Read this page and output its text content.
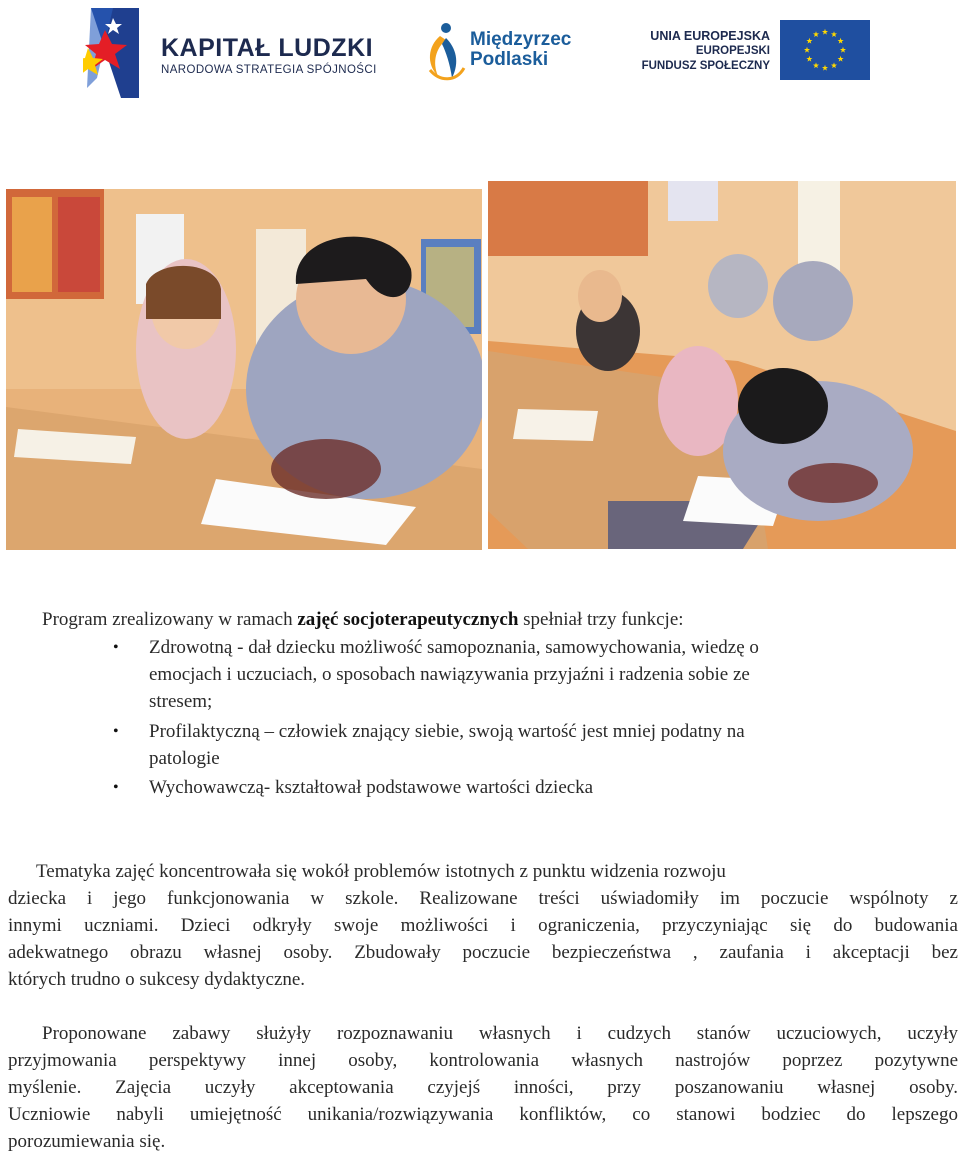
KAPITAŁ LUDZKI
NARODOWA STRATEGIA SPÓJNOŚCI
Międzyrzec
Podlaski
UNIA EUROPEJSKA
EUROPEJSKI
FUNDUSZ SPOŁECZNY
Program zrealizowany w ramach zajęć socjoterapeutycznych spełniał trzy funkcje:
• Zdrowotną - dał dziecku możliwość samopoznania, samowychowania, wiedzę o
emocjach i uczuciach, o sposobach nawiązywania przyjaźni i radzenia sobie ze
stresem;
• Profilaktyczną – człowiek znający siebie, swoją wartość jest mniej podatny na
patologie
• Wychowawczą- kształtował podstawowe wartości dziecka
Tematyka zajęć koncentrowała się wokół problemów istotnych z punktu widzenia rozwoju
dziecka i jego funkcjonowania w szkole. Realizowane treści uświadomiły im poczucie wspólnoty z
innymi uczniami. Dzieci odkryły swoje możliwości i ograniczenia, przyczyniając się do budowania
adekwatnego obrazu własnej osoby. Zbudowały poczucie bezpieczeństwa , zaufania i akceptacji bez
których trudno o sukcesy dydaktyczne.
Proponowane zabawy służyły rozpoznawaniu własnych i cudzych stanów uczuciowych, uczyły
przyjmowania perspektywy innej osoby, kontrolowania własnych nastrojów poprzez pozytywne
myślenie. Zajęcia uczyły akceptowania czyjejś inności, przy poszanowaniu własnej osoby.
Uczniowie nabyli umiejętność unikania/rozwiązywania konfliktów, co stanowi bodziec do lepszego
porozumiewania się.
